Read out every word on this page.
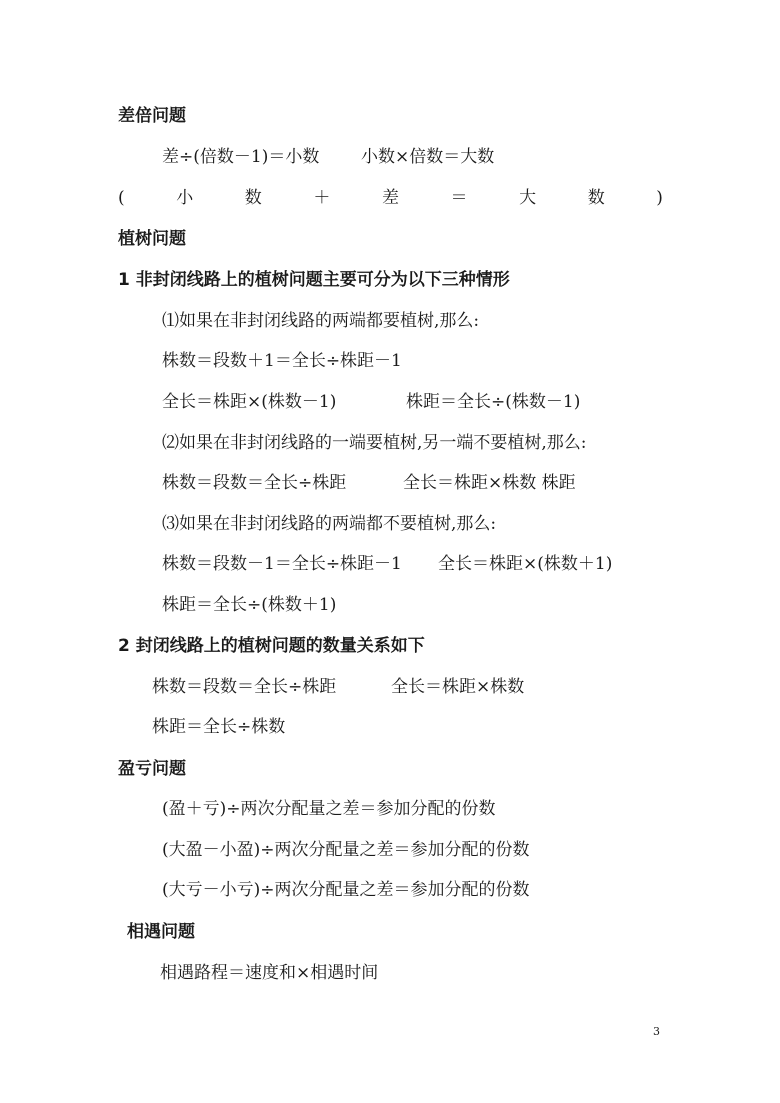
差倍问题
差÷(倍数－1)＝小数 小数×倍数＝大数
(	小	数	＋	差	＝	大	数	)
植树问题
1 非封闭线路上的植树问题主要可分为以下三种情形
⑴如果在非封闭线路的两端都要植树,那么:
株数＝段数＋1＝全长÷株距－1
全长＝株距×(株数－1)	株距＝全长÷(株数－1)
⑵如果在非封闭线路的一端要植树,另一端不要植树,那么:
株数＝段数＝全长÷株距	全长＝株距×株数 株距
⑶如果在非封闭线路的两端都不要植树,那么:
株数＝段数－1＝全长÷株距－1 全长＝株距×(株数＋1)
株距＝全长÷(株数＋1)
2 封闭线路上的植树问题的数量关系如下
株数＝段数＝全长÷株距	全长＝株距×株数
株距＝全长÷株数
盈亏问题
(盈＋亏)÷两次分配量之差＝参加分配的份数
(大盈－小盈)÷两次分配量之差＝参加分配的份数
(大亏－小亏)÷两次分配量之差＝参加分配的份数
相遇问题
相遇路程＝速度和×相遇时间
3
